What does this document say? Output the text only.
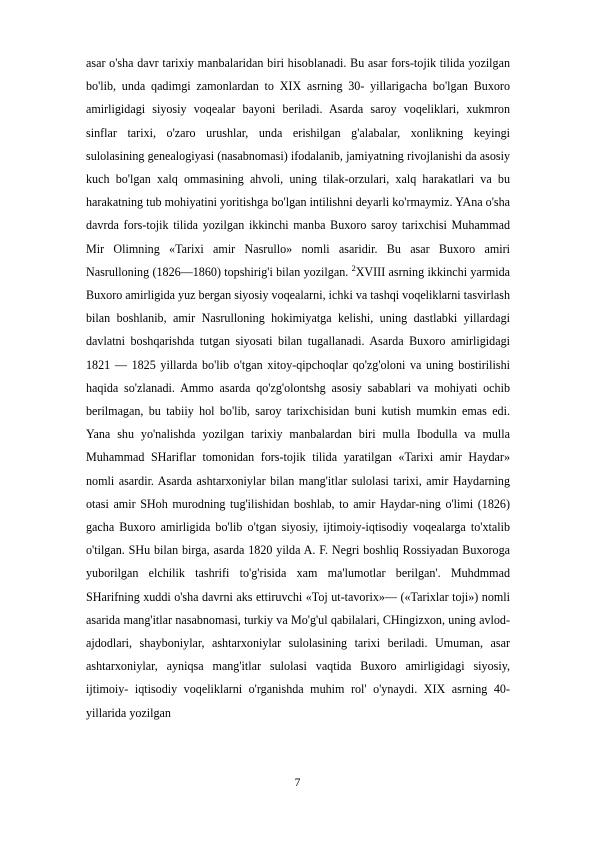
asar o'sha davr tarixiy manbalaridan biri hisoblanadi. Bu asar fors-tojik tilida yozilgan bo'lib, unda qadimgi zamonlardan to XIX asrning 30- yillarigacha bo'lgan Buxoro amirligidagi siyosiy voqealar bayoni beriladi. Asarda saroy voqeliklari, xukmron sinflar tarixi, o'zaro urushlar, unda erishilgan g'alabalar, xonlikning keyingi sulolasining genealogiyasi (nasabnomasi) ifodalanib, jamiyatning rivojlanishi da asosiy kuch bo'lgan xalq ommasining ahvoli, uning tilak-orzulari, xalq harakatlari va bu harakatning tub mohiyatini yoritishga bo'lgan intilishni deyarli ko'rmaymiz. YAna o'sha davrda fors-tojik tilida yozilgan ikkinchi manba Buxoro saroy tarixchisi Muhammad Mir Olimning «Tarixi amir Nasrullo» nomli asaridir. Bu asar Buxoro amiri Nasrulloning (1826—1860) topshirig'i bilan yozilgan. $^2$XVIII asrning ikkinchi yarmida Buxoro amirligida yuz bergan siyosiy voqealarni, ichki va tashqi voqeliklarni tasvirlash bilan boshlanib, amir Nasrulloning hokimiyatga kelishi, uning dastlabki yillardagi davlatni boshqarishda tutgan siyosati bilan tugallanadi. Asarda Buxoro amirligidagi 1821 — 1825 yillarda bo'lib o'tgan xitoy-qipchoqlar qo'zg'oloni va uning bostirilishi haqida so'zlanadi. Ammo asarda qo'zg'olontshg asosiy sabablari va mohiyati ochib berilmagan, bu tabiiy hol bo'lib, saroy tarixchisidan buni kutish mumkin emas edi. Yana shu yo'nalishda yozilgan tarixiy manbalardan biri mulla Ibodulla va mulla Muhammad SHariflar tomonidan fors-tojik tilida yaratilgan «Tarixi amir Haydar» nomli asardir. Asarda ashtarxoniylar bilan mang'itlar sulolasi tarixi, amir Haydarning otasi amir SHoh murodning tug'ilishidan boshlab, to amir Haydar-ning o'limi (1826) gacha Buxoro amirligida bo'lib o'tgan siyosiy, ijtimoiy-iqtisodiy voqealarga to'xtalib o'tilgan. SHu bilan birga, asarda 1820 yilda A. F. Negri boshliq Rossiyadan Buxoroga yuborilgan elchilik tashrifi to'g'risida xam ma'lumotlar berilgan'. Muhdmmad SHarifning xuddi o'sha davrni aks ettiruvchi «Toj ut-tavorix»— («Tarixlar toji») nomli asarida mang'itlar nasabnomasi, turkiy va Mo'g'ul qabilalari, CHingizxon, uning avlod-ajdodlari, shayboniylar, ashtarxoniylar sulolasining tarixi beriladi. Umuman, asar ashtarxoniylar, ayniqsa mang'itlar sulolasi vaqtida Buxoro amirligidagi siyosiy, ijtimoiy- iqtisodiy voqeliklarni o'rganishda muhim rol' o'ynaydi. XIX asrning 40-yillarida yozilgan

7
